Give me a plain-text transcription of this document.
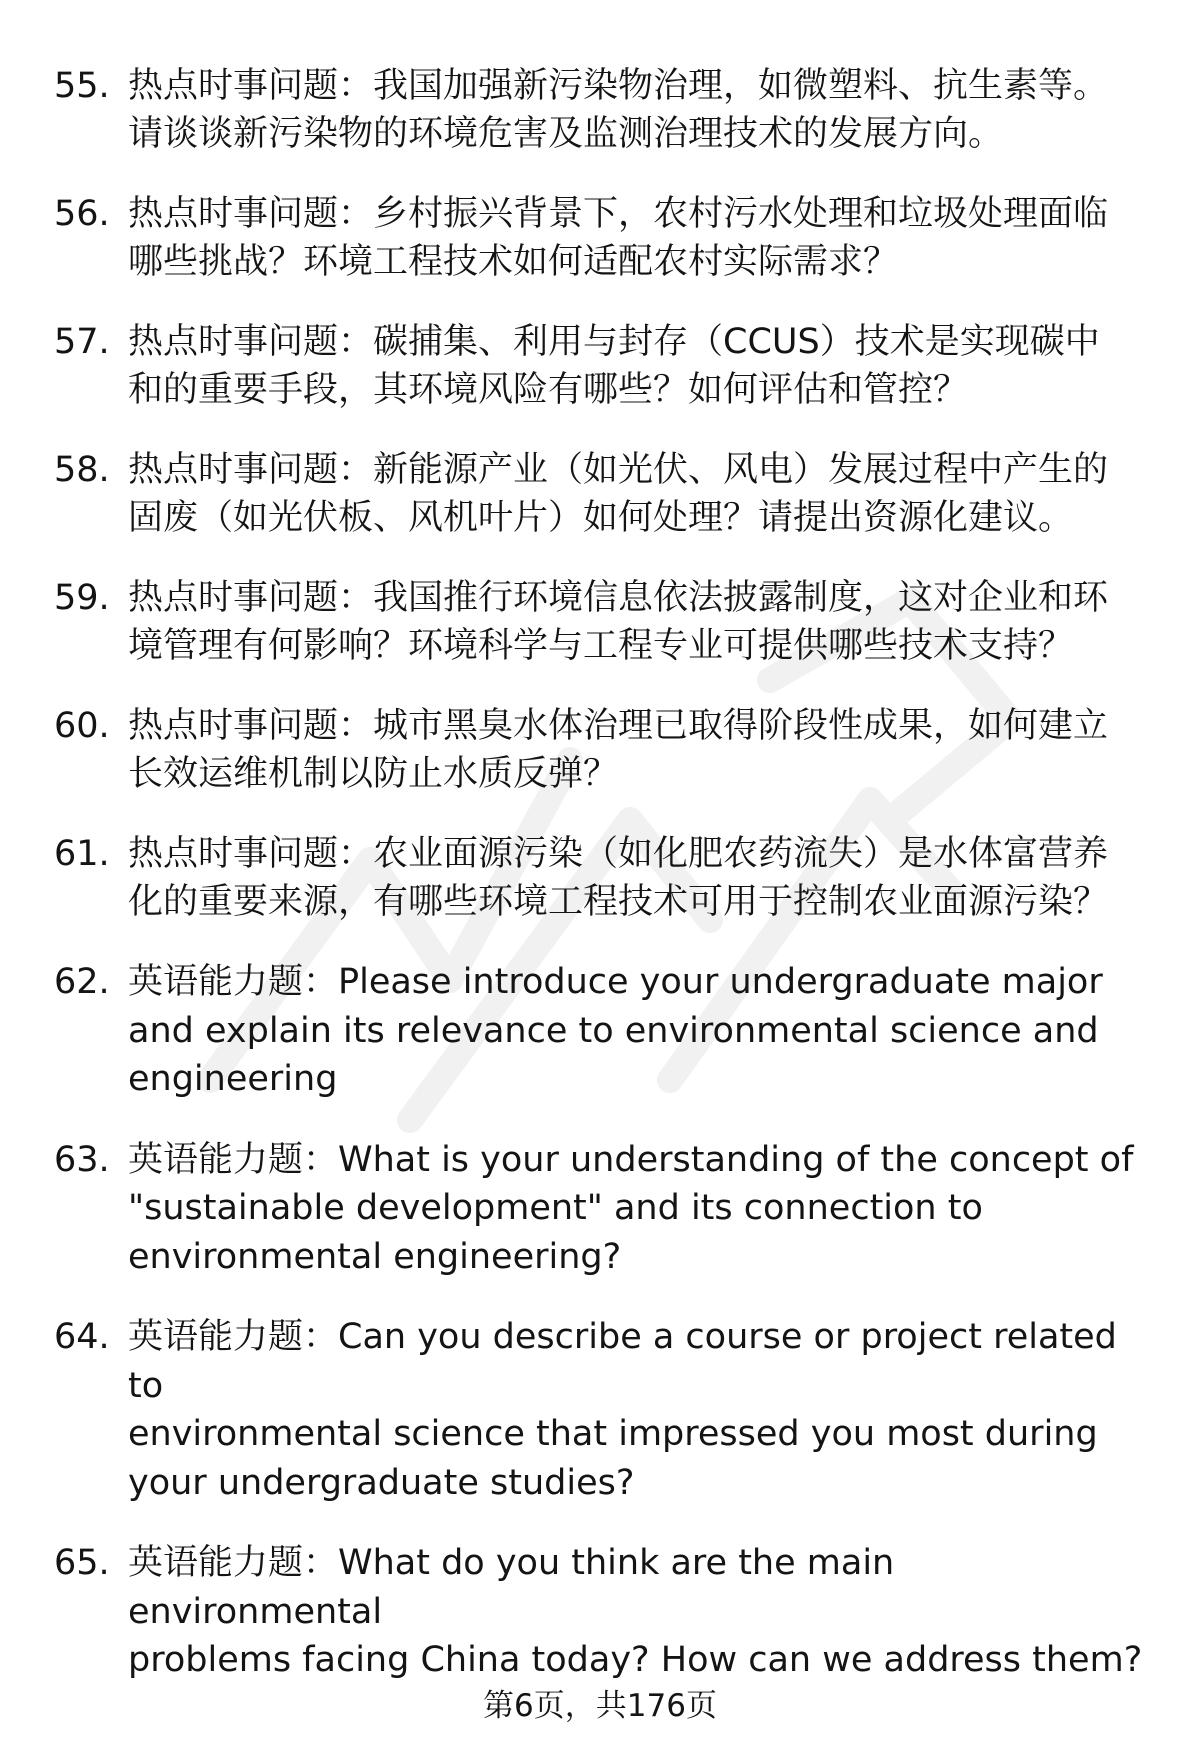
55. 热点时事问题：我国加强新污染物治理，如微塑料、抗生素等。
请谈谈新污染物的环境危害及监测治理技术的发展方向。
56. 热点时事问题：乡村振兴背景下，农村污水处理和垃圾处理面临
哪些挑战？环境工程技术如何适配农村实际需求？
57. 热点时事问题：碳捕集、利用与封存（CCUS）技术是实现碳中
和的重要手段，其环境风险有哪些？如何评估和管控？
58. 热点时事问题：新能源产业（如光伏、风电）发展过程中产生的
固废（如光伏板、风机叶片）如何处理？请提出资源化建议。
59. 热点时事问题：我国推行环境信息依法披露制度，这对企业和环
境管理有何影响？环境科学与工程专业可提供哪些技术支持？
60. 热点时事问题：城市黑臭水体治理已取得阶段性成果，如何建立
长效运维机制以防止水质反弹？
61. 热点时事问题：农业面源污染（如化肥农药流失）是水体富营养
化的重要来源，有哪些环境工程技术可用于控制农业面源污染？
62. 英语能力题：Please introduce your undergraduate major
and explain its relevance to environmental science and
engineering
63. 英语能力题：What is your understanding of the concept of
"sustainable development" and its connection to
environmental engineering?
64. 英语能力题：Can you describe a course or project related to
environmental science that impressed you most during
your undergraduate studies?
65. 英语能力题：What do you think are the main environmental
problems facing China today? How can we address them?
第6页，共176页
